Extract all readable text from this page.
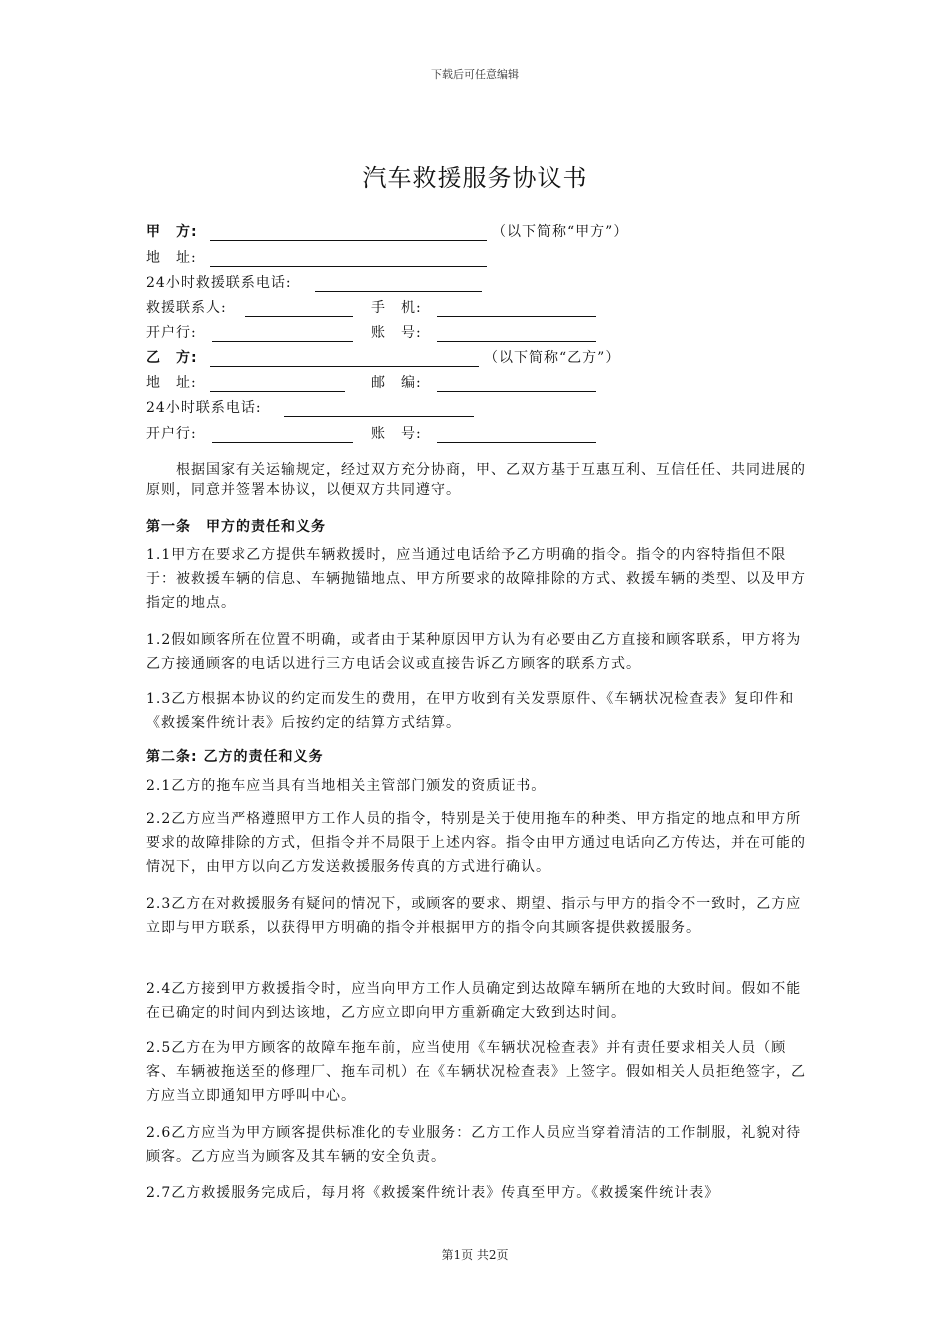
下载后可任意编辑
汽车救援服务协议书
甲　方:	（以下简称“甲方”）
地　址:
24小时救援联系电话:
救援联系人:	手　机:
开户行:	账　号:
乙　方:	（以下简称“乙方”）
地　址:	邮　编:
24小时联系电话:
开户行:	账　号:

根据国家有关运输规定，经过双方充分协商，甲、乙双方基于互惠互利、互信任任、共同进展的原则，同意并签署本协议，以便双方共同遵守。

第一条　甲方的责任和义务

1.1甲方在要求乙方提供车辆救援时，应当通过电话给予乙方明确的指令。指令的内容特指但不限于：被救援车辆的信息、车辆抛锚地点、甲方所要求的故障排除的方式、救援车辆的类型、以及甲方指定的地点。

1.2假如顾客所在位置不明确，或者由于某种原因甲方认为有必要由乙方直接和顾客联系，甲方将为乙方接通顾客的电话以进行三方电话会议或直接告诉乙方顾客的联系方式。

1.3乙方根据本协议的约定而发生的费用，在甲方收到有关发票原件、《车辆状况检查表》复印件和《救援案件统计表》后按约定的结算方式结算。

第二条: 乙方的责任和义务

2.1乙方的拖车应当具有当地相关主管部门颁发的资质证书。

2.2乙方应当严格遵照甲方工作人员的指令，特别是关于使用拖车的种类、甲方指定的地点和甲方所要求的故障排除的方式，但指令并不局限于上述内容。指令由甲方通过电话向乙方传达，并在可能的情况下，由甲方以向乙方发送救援服务传真的方式进行确认。

2.3乙方在对救援服务有疑问的情况下，或顾客的要求、期望、指示与甲方的指令不一致时，乙方应立即与甲方联系，以获得甲方明确的指令并根据甲方的指令向其顾客提供救援服务。

2.4乙方接到甲方救援指令时，应当向甲方工作人员确定到达故障车辆所在地的大致时间。假如不能在已确定的时间内到达该地，乙方应立即向甲方重新确定大致到达时间。

2.5乙方在为甲方顾客的故障车拖车前，应当使用《车辆状况检查表》并有责任要求相关人员（顾客、车辆被拖送至的修理厂、拖车司机）在《车辆状况检查表》上签字。假如相关人员拒绝签字，乙方应当立即通知甲方呼叫中心。

2.6乙方应当为甲方顾客提供标准化的专业服务：乙方工作人员应当穿着清洁的工作制服，礼貌对待顾客。乙方应当为顾客及其车辆的安全负责。

2.7乙方救援服务完成后，每月将《救援案件统计表》传真至甲方。《救援案件统计表》

第1页 共2页
